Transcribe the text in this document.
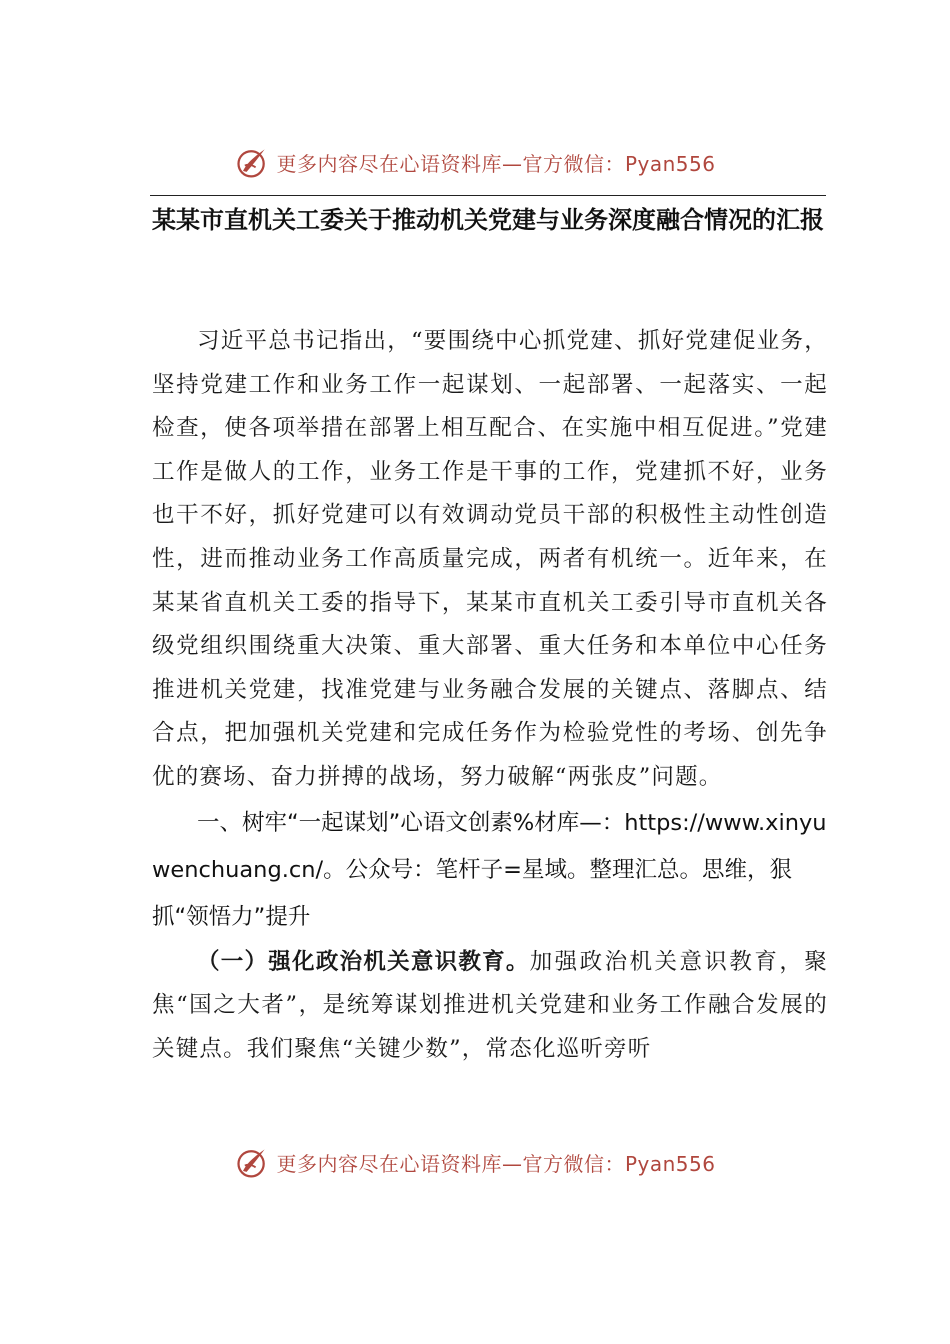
更多内容尽在心语资料库—官方微信：Pyan556
某某市直机关工委关于推动机关党建与业务深度融合情况的汇报

习近平总书记指出，“要围绕中心抓党建、抓好党建促业务，坚持党建工作和业务工作一起谋划、一起部署、一起落实、一起检查，使各项举措在部署上相互配合、在实施中相互促进。”党建工作是做人的工作，业务工作是干事的工作，党建抓不好，业务也干不好，抓好党建可以有效调动党员干部的积极性主动性创造性，进而推动业务工作高质量完成，两者有机统一。近年来，在某某省直机关工委的指导下，某某市直机关工委引导市直机关各级党组织围绕重大决策、重大部署、重大任务和本单位中心任务推进机关党建，找准党建与业务融合发展的关键点、落脚点、结合点，把加强机关党建和完成任务作为检验党性的考场、创先争优的赛场、奋力拼搏的战场，努力破解“两张皮”问题。

一、树牢“一起谋划”心语文创素%材库—：https://www.xinyuwenchuang.cn/。公众号：笔杆子=星域。整理汇总。思维，狠抓“领悟力”提升

（一）强化政治机关意识教育。加强政治机关意识教育，聚焦“国之大者”，是统筹谋划推进机关党建和业务工作融合发展的关键点。我们聚焦“关键少数”，常态化巡听旁听

更多内容尽在心语资料库—官方微信：Pyan556
